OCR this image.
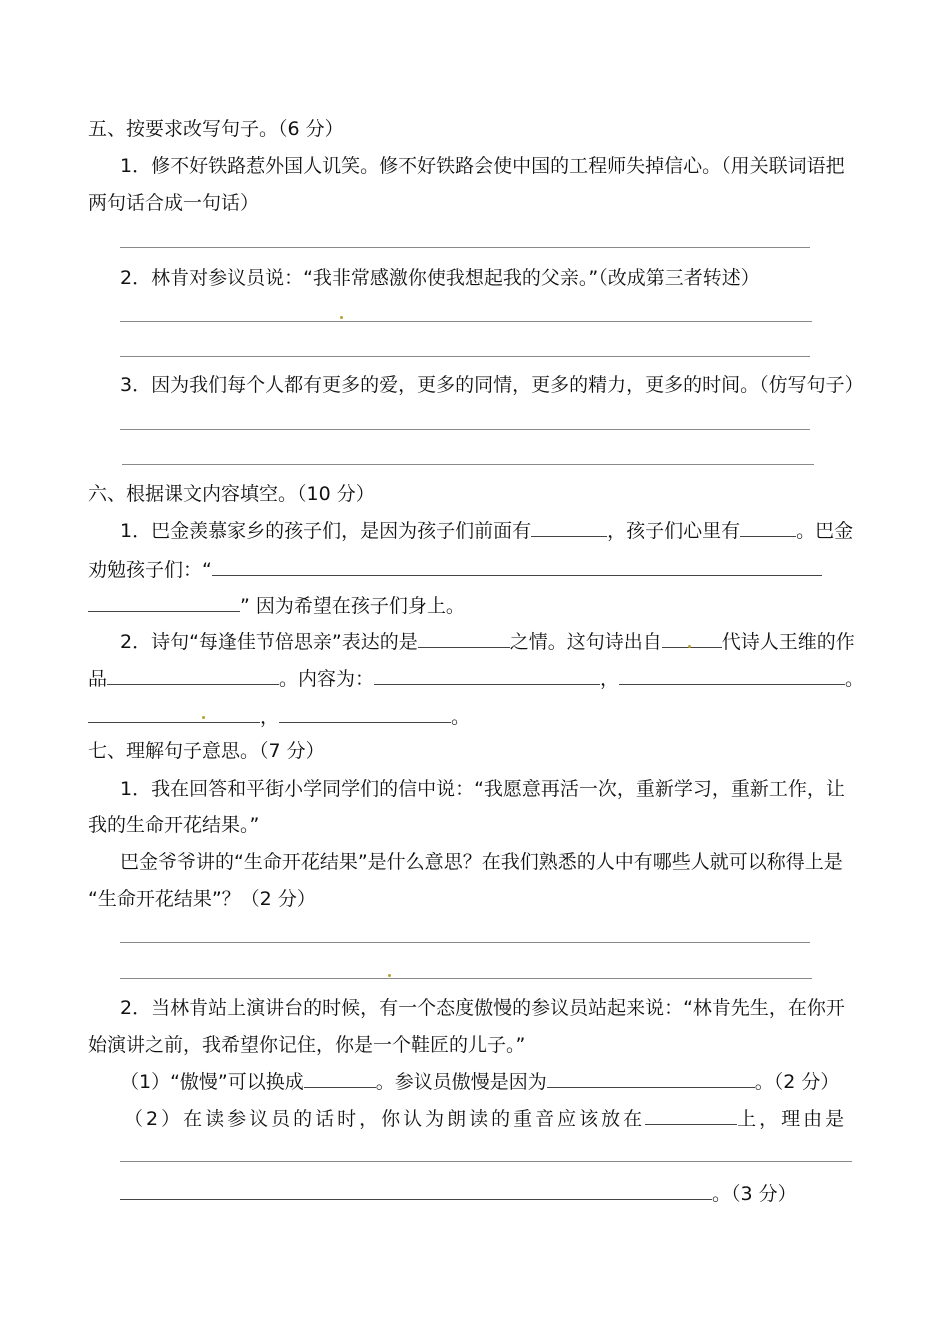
五、按要求改写句子。（6 分）
1．修不好铁路惹外国人讥笑。修不好铁路会使中国的工程师失掉信心。（用关联词语把
两句话合成一句话）
2．林肯对参议员说：“我非常感激你使我想起我的父亲。”（改成第三者转述）
3．因为我们每个人都有更多的爱，更多的同情，更多的精力，更多的时间。（仿写句子）
六、根据课文内容填空。（10 分）
1．巴金羡慕家乡的孩子们，是因为孩子们前面有	，孩子们心里有	。巴金
劝勉孩子们：“
” 因为希望在孩子们身上。
2．诗句“每逢佳节倍思亲”表达的是	之情。这句诗出自	代诗人王维的作
品	。内容为：	，	。
，	。
七、理解句子意思。（7 分）
1．我在回答和平街小学同学们的信中说：“我愿意再活一次，重新学习，重新工作，让
我的生命开花结果。”
巴金爷爷讲的“生命开花结果”是什么意思？在我们熟悉的人中有哪些人就可以称得上是
“生命开花结果”？（2 分）
2．当林肯站上演讲台的时候，有一个态度傲慢的参议员站起来说：“林肯先生，在你开
始演讲之前，我希望你记住，你是一个鞋匠的儿子。”
（1）“傲慢”可以换成	。参议员傲慢是因为	。（2 分）
（2）在读参议员的话时，你认为朗读的重音应该放在	上，理由是
。（3 分）
